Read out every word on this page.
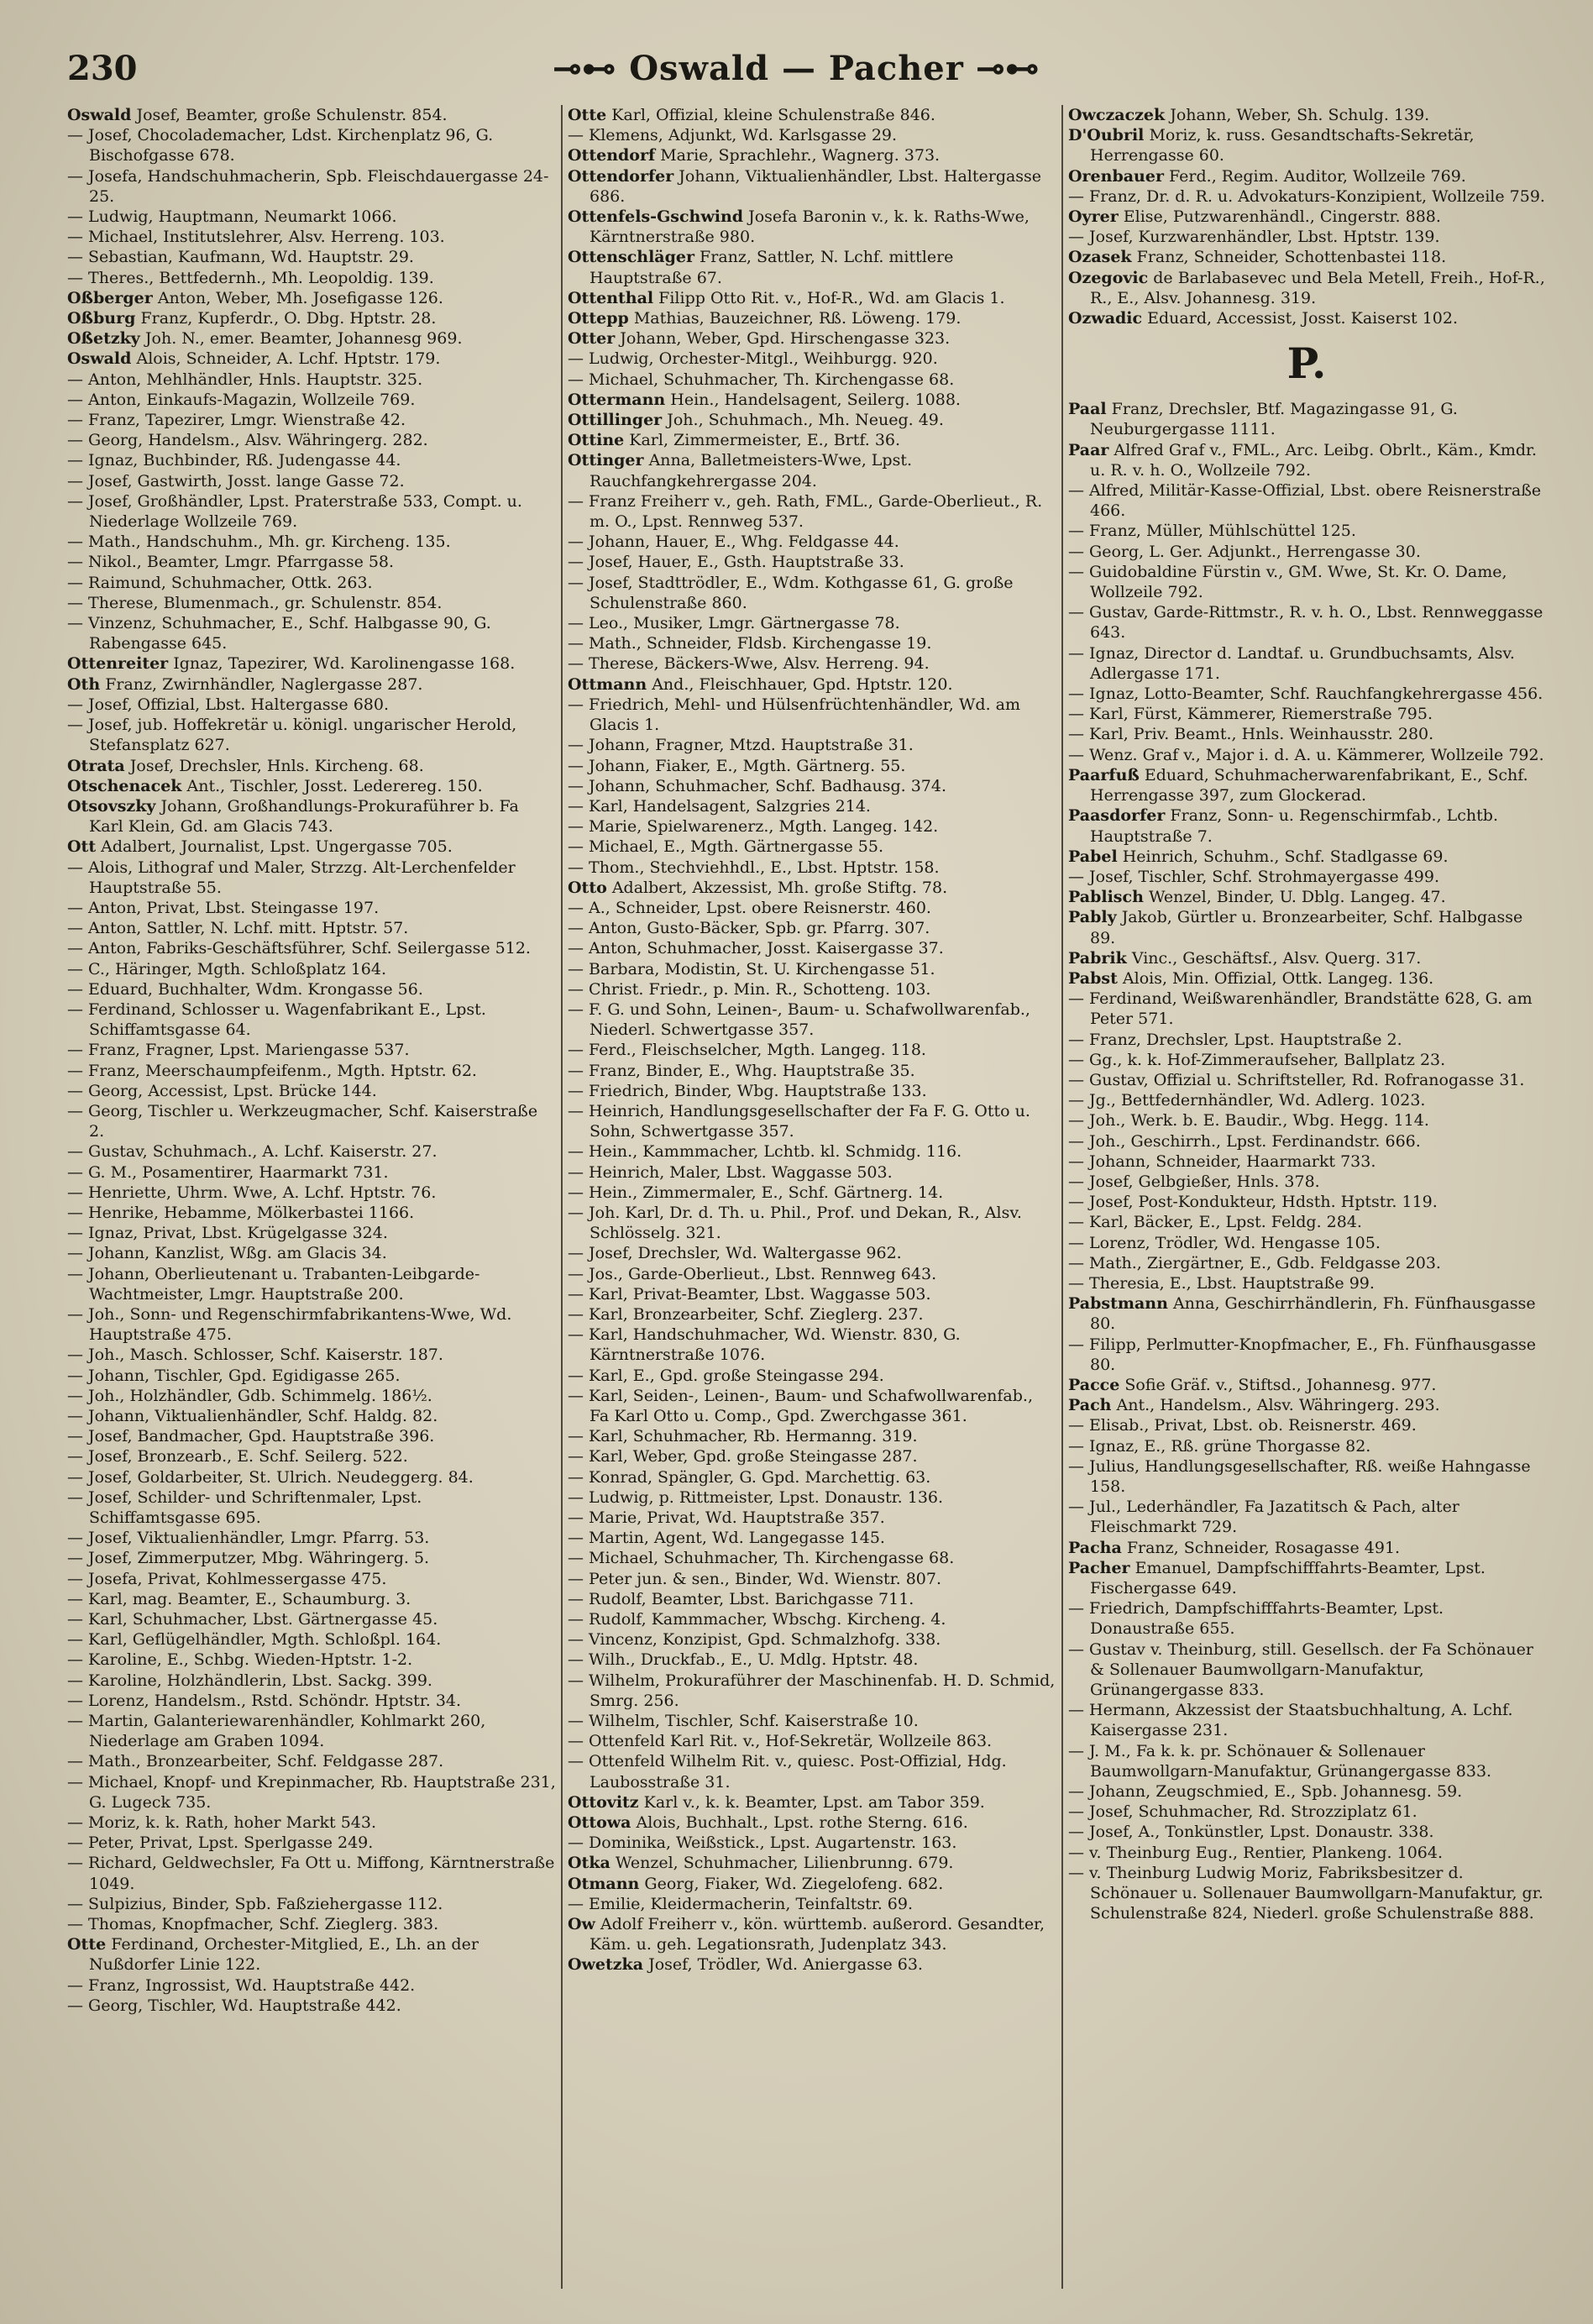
230	⊸⊷ Oswald — Pacher ⊸⊷

Oswald Josef, Beamter, große Schulenstr. 854.

— Josef, Chocolademacher, Ldst. Kirchenplatz 96, G. Bischofgasse 678.

— Josefa, Handschuhmacherin, Spb. Fleischdauergasse 24-25.

— Ludwig, Hauptmann, Neumarkt 1066.

— Michael, Institutslehrer, Alsv. Herreng. 103.

— Sebastian, Kaufmann, Wd. Hauptstr. 29.

— Theres., Bettfedernh., Mh. Leopoldig. 139.

Oßberger Anton, Weber, Mh. Josefigasse 126.

Oßburg Franz, Kupferdr., O. Dbg. Hptstr. 28.

Oßetzky Joh. N., emer. Beamter, Johannesg 969.

Oswald Alois, Schneider, A. Lchf. Hptstr. 179.

— Anton, Mehlhändler, Hnls. Hauptstr. 325.

— Anton, Einkaufs-Magazin, Wollzeile 769.

— Franz, Tapezirer, Lmgr. Wienstraße 42.

— Georg, Handelsm., Alsv. Währingerg. 282.

— Ignaz, Buchbinder, Rß. Judengasse 44.

— Josef, Gastwirth, Josst. lange Gasse 72.

— Josef, Großhändler, Lpst. Praterstraße 533, Compt. u. Niederlage Wollzeile 769.

— Math., Handschuhm., Mh. gr. Kircheng. 135.

— Nikol., Beamter, Lmgr. Pfarrgasse 58.

— Raimund, Schuhmacher, Ottk. 263.

— Therese, Blumenmach., gr. Schulenstr. 854.

— Vinzenz, Schuhmacher, E., Schf. Halbgasse 90, G. Rabengasse 645.

Ottenreiter Ignaz, Tapezirer, Wd. Karolinengasse 168.

Oth Franz, Zwirnhändler, Naglergasse 287.

— Josef, Offizial, Lbst. Haltergasse 680.

— Josef, jub. Hoffekretär u. königl. ungarischer Herold, Stefansplatz 627.

Otrata Josef, Drechsler, Hnls. Kircheng. 68.

Otschenacek Ant., Tischler, Josst. Lederereg. 150.

Otsovszky Johann, Großhandlungs-Prokuraführer b. Fa Karl Klein, Gd. am Glacis 743.

Ott Adalbert, Journalist, Lpst. Ungergasse 705.

— Alois, Lithograf und Maler, Strzzg. Alt-Lerchenfelder Hauptstraße 55.

— Anton, Privat, Lbst. Steingasse 197.

— Anton, Sattler, N. Lchf. mitt. Hptstr. 57.

— Anton, Fabriks-Geschäftsführer, Schf. Seilergasse 512.

— C., Häringer, Mgth. Schloßplatz 164.

— Eduard, Buchhalter, Wdm. Krongasse 56.

— Ferdinand, Schlosser u. Wagenfabrikant E., Lpst. Schiffamtsgasse 64.

— Franz, Fragner, Lpst. Mariengasse 537.

— Franz, Meerschaumpfeifenm., Mgth. Hptstr. 62.

— Georg, Accessist, Lpst. Brücke 144.

— Georg, Tischler u. Werkzeugmacher, Schf. Kaiserstraße 2.

— Gustav, Schuhmach., A. Lchf. Kaiserstr. 27.

— G. M., Posamentirer, Haarmarkt 731.

— Henriette, Uhrm. Wwe, A. Lchf. Hptstr. 76.

— Henrike, Hebamme, Mölkerbastei 1166.

— Ignaz, Privat, Lbst. Krügelgasse 324.

— Johann, Kanzlist, Wßg. am Glacis 34.

— Johann, Oberlieutenant u. Trabanten-Leibgarde-Wachtmeister, Lmgr. Hauptstraße 200.

— Joh., Sonn- und Regenschirmfabrikantens-Wwe, Wd. Hauptstraße 475.

— Joh., Masch. Schlosser, Schf. Kaiserstr. 187.

— Johann, Tischler, Gpd. Egidigasse 265.

— Joh., Holzhändler, Gdb. Schimmelg. 186½.

— Johann, Viktualienhändler, Schf. Haldg. 82.

— Josef, Bandmacher, Gpd. Hauptstraße 396.

— Josef, Bronzearb., E. Schf. Seilerg. 522.

— Josef, Goldarbeiter, St. Ulrich. Neudeggerg. 84.

— Josef, Schilder- und Schriftenmaler, Lpst. Schiffamtsgasse 695.

— Josef, Viktualienhändler, Lmgr. Pfarrg. 53.

— Josef, Zimmerputzer, Mbg. Währingerg. 5.

— Josefa, Privat, Kohlmessergasse 475.

— Karl, mag. Beamter, E., Schaumburg. 3.

— Karl, Schuhmacher, Lbst. Gärtnergasse 45.

— Karl, Geflügelhändler, Mgth. Schloßpl. 164.

— Karoline, E., Schbg. Wieden-Hptstr. 1-2.

— Karoline, Holzhändlerin, Lbst. Sackg. 399.

— Lorenz, Handelsm., Rstd. Schöndr. Hptstr. 34.

— Martin, Galanteriewarenhändler, Kohlmarkt 260, Niederlage am Graben 1094.

— Math., Bronzearbeiter, Schf. Feldgasse 287.

— Michael, Knopf- und Krepinmacher, Rb. Hauptstraße 231, G. Lugeck 735.

— Moriz, k. k. Rath, hoher Markt 543.

— Peter, Privat, Lpst. Sperlgasse 249.

— Richard, Geldwechsler, Fa Ott u. Miffong, Kärntnerstraße 1049.

— Sulpizius, Binder, Spb. Faßziehergasse 112.

— Thomas, Knopfmacher, Schf. Zieglerg. 383.

Otte Ferdinand, Orchester-Mitglied, E., Lh. an der Nußdorfer Linie 122.

— Franz, Ingrossist, Wd. Hauptstraße 442.

— Georg, Tischler, Wd. Hauptstraße 442.

Otte Karl, Offizial, kleine Schulenstraße 846.

— Klemens, Adjunkt, Wd. Karlsgasse 29.

Ottendorf Marie, Sprachlehr., Wagnerg. 373.

Ottendorfer Johann, Viktualienhändler, Lbst. Haltergasse 686.

Ottenfels-Gschwind Josefa Baronin v., k. k. Raths-Wwe, Kärntnerstraße 980.

Ottenschläger Franz, Sattler, N. Lchf. mittlere Hauptstraße 67.

Ottenthal Filipp Otto Rit. v., Hof-R., Wd. am Glacis 1.

Ottepp Mathias, Bauzeichner, Rß. Löweng. 179.

Otter Johann, Weber, Gpd. Hirschengasse 323.

— Ludwig, Orchester-Mitgl., Weihburgg. 920.

— Michael, Schuhmacher, Th. Kirchengasse 68.

Ottermann Hein., Handelsagent, Seilerg. 1088.

Ottillinger Joh., Schuhmach., Mh. Neueg. 49.

Ottine Karl, Zimmermeister, E., Brtf. 36.

Ottinger Anna, Balletmeisters-Wwe, Lpst. Rauchfangkehrergasse 204.

— Franz Freiherr v., geh. Rath, FML., Garde-Oberlieut., R. m. O., Lpst. Rennweg 537.

— Johann, Hauer, E., Whg. Feldgasse 44.

— Josef, Hauer, E., Gsth. Hauptstraße 33.

— Josef, Stadttrödler, E., Wdm. Kothgasse 61, G. große Schulenstraße 860.

— Leo., Musiker, Lmgr. Gärtnergasse 78.

— Math., Schneider, Fldsb. Kirchengasse 19.

— Therese, Bäckers-Wwe, Alsv. Herreng. 94.

Ottmann And., Fleischhauer, Gpd. Hptstr. 120.

— Friedrich, Mehl- und Hülsenfrüchtenhändler, Wd. am Glacis 1.

— Johann, Fragner, Mtzd. Hauptstraße 31.

— Johann, Fiaker, E., Mgth. Gärtnerg. 55.

— Johann, Schuhmacher, Schf. Badhausg. 374.

— Karl, Handelsagent, Salzgries 214.

— Marie, Spielwarenerz., Mgth. Langeg. 142.

— Michael, E., Mgth. Gärtnergasse 55.

— Thom., Stechviehhdl., E., Lbst. Hptstr. 158.

Otto Adalbert, Akzessist, Mh. große Stiftg. 78.

— A., Schneider, Lpst. obere Reisnerstr. 460.

— Anton, Gusto-Bäcker, Spb. gr. Pfarrg. 307.

— Anton, Schuhmacher, Josst. Kaisergasse 37.

— Barbara, Modistin, St. U. Kirchengasse 51.

— Christ. Friedr., p. Min. R., Schotteng. 103.

— F. G. und Sohn, Leinen-, Baum- u. Schafwollwarenfab., Niederl. Schwertgasse 357.

— Ferd., Fleischselcher, Mgth. Langeg. 118.

— Franz, Binder, E., Whg. Hauptstraße 35.

— Friedrich, Binder, Wbg. Hauptstraße 133.

— Heinrich, Handlungsgesellschafter der Fa F. G. Otto u. Sohn, Schwertgasse 357.

— Hein., Kammmacher, Lchtb. kl. Schmidg. 116.

— Heinrich, Maler, Lbst. Waggasse 503.

— Hein., Zimmermaler, E., Schf. Gärtnerg. 14.

— Joh. Karl, Dr. d. Th. u. Phil., Prof. und Dekan, R., Alsv. Schlösselg. 321.

— Josef, Drechsler, Wd. Waltergasse 962.

— Jos., Garde-Oberlieut., Lbst. Rennweg 643.

— Karl, Privat-Beamter, Lbst. Waggasse 503.

— Karl, Bronzearbeiter, Schf. Zieglerg. 237.

— Karl, Handschuhmacher, Wd. Wienstr. 830, G. Kärntnerstraße 1076.

— Karl, E., Gpd. große Steingasse 294.

— Karl, Seiden-, Leinen-, Baum- und Schafwollwarenfab., Fa Karl Otto u. Comp., Gpd. Zwerchgasse 361.

— Karl, Schuhmacher, Rb. Hermanng. 319.

— Karl, Weber, Gpd. große Steingasse 287.

— Konrad, Spängler, G. Gpd. Marchettig. 63.

— Ludwig, p. Rittmeister, Lpst. Donaustr. 136.

— Marie, Privat, Wd. Hauptstraße 357.

— Martin, Agent, Wd. Langegasse 145.

— Michael, Schuhmacher, Th. Kirchengasse 68.

— Peter jun. & sen., Binder, Wd. Wienstr. 807.

— Rudolf, Beamter, Lbst. Barichgasse 711.

— Rudolf, Kammmacher, Wbschg. Kircheng. 4.

— Vincenz, Konzipist, Gpd. Schmalzhofg. 338.

— Wilh., Druckfab., E., U. Mdlg. Hptstr. 48.

— Wilhelm, Prokuraführer der Maschinenfab. H. D. Schmid, Smrg. 256.

— Wilhelm, Tischler, Schf. Kaiserstraße 10.

— Ottenfeld Karl Rit. v., Hof-Sekretär, Wollzeile 863.

— Ottenfeld Wilhelm Rit. v., quiesc. Post-Offizial, Hdg. Laubosstraße 31.

Ottovitz Karl v., k. k. Beamter, Lpst. am Tabor 359.

Ottowa Alois, Buchhalt., Lpst. rothe Sterng. 616.

— Dominika, Weißstick., Lpst. Augartenstr. 163.

Otka Wenzel, Schuhmacher, Lilienbrunng. 679.

Otmann Georg, Fiaker, Wd. Ziegelofeng. 682.

— Emilie, Kleidermacherin, Teinfaltstr. 69.

Ow Adolf Freiherr v., kön. württemb. außerord. Gesandter, Käm. u. geh. Legationsrath, Judenplatz 343.

Owetzka Josef, Trödler, Wd. Aniergasse 63.

Owczaczek Johann, Weber, Sh. Schulg. 139.

D'Oubril Moriz, k. russ. Gesandtschafts-Sekretär, Herrengasse 60.

Orenbauer Ferd., Regim. Auditor, Wollzeile 769.

— Franz, Dr. d. R. u. Advokaturs-Konzipient, Wollzeile 759.

Oyrer Elise, Putzwarenhändl., Cingerstr. 888.

— Josef, Kurzwarenhändler, Lbst. Hptstr. 139.

Ozasek Franz, Schneider, Schottenbastei 118.

Ozegovic de Barlabasevec und Bela Metell, Freih., Hof-R., R., E., Alsv. Johannesg. 319.

Ozwadic Eduard, Accessist, Josst. Kaiserst 102.

P.

Paal Franz, Drechsler, Btf. Magazingasse 91, G. Neuburgergasse 1111.

Paar Alfred Graf v., FML., Arc. Leibg. Obrlt., Käm., Kmdr. u. R. v. h. O., Wollzeile 792.

— Alfred, Militär-Kasse-Offizial, Lbst. obere Reisnerstraße 466.

— Franz, Müller, Mühlschüttel 125.

— Georg, L. Ger. Adjunkt., Herrengasse 30.

— Guidobaldine Fürstin v., GM. Wwe, St. Kr. O. Dame, Wollzeile 792.

— Gustav, Garde-Rittmstr., R. v. h. O., Lbst. Rennweggasse 643.

— Ignaz, Director d. Landtaf. u. Grundbuchsamts, Alsv. Adlergasse 171.

— Ignaz, Lotto-Beamter, Schf. Rauchfangkehrergasse 456.

— Karl, Fürst, Kämmerer, Riemerstraße 795.

— Karl, Priv. Beamt., Hnls. Weinhausstr. 280.

— Wenz. Graf v., Major i. d. A. u. Kämmerer, Wollzeile 792.

Paarfuß Eduard, Schuhmacherwarenfabrikant, E., Schf. Herrengasse 397, zum Glockerad.

Paasdorfer Franz, Sonn- u. Regenschirmfab., Lchtb. Hauptstraße 7.

Pabel Heinrich, Schuhm., Schf. Stadlgasse 69.

— Josef, Tischler, Schf. Strohmayergasse 499.

Pablisch Wenzel, Binder, U. Dblg. Langeg. 47.

Pably Jakob, Gürtler u. Bronzearbeiter, Schf. Halbgasse 89.

Pabrik Vinc., Geschäftsf., Alsv. Querg. 317.

Pabst Alois, Min. Offizial, Ottk. Langeg. 136.

— Ferdinand, Weißwarenhändler, Brandstätte 628, G. am Peter 571.

— Franz, Drechsler, Lpst. Hauptstraße 2.

— Gg., k. k. Hof-Zimmeraufseher, Ballplatz 23.

— Gustav, Offizial u. Schriftsteller, Rd. Rofranogasse 31.

— Jg., Bettfedernhändler, Wd. Adlerg. 1023.

— Joh., Werk. b. E. Baudir., Wbg. Hegg. 114.

— Joh., Geschirrh., Lpst. Ferdinandstr. 666.

— Johann, Schneider, Haarmarkt 733.

— Josef, Gelbgießer, Hnls. 378.

— Josef, Post-Kondukteur, Hdsth. Hptstr. 119.

— Karl, Bäcker, E., Lpst. Feldg. 284.

— Lorenz, Trödler, Wd. Hengasse 105.

— Math., Ziergärtner, E., Gdb. Feldgasse 203.

— Theresia, E., Lbst. Hauptstraße 99.

Pabstmann Anna, Geschirrhändlerin, Fh. Fünfhausgasse 80.

— Filipp, Perlmutter-Knopfmacher, E., Fh. Fünfhausgasse 80.

Pacce Sofie Gräf. v., Stiftsd., Johannesg. 977.

Pach Ant., Handelsm., Alsv. Währingerg. 293.

— Elisab., Privat, Lbst. ob. Reisnerstr. 469.

— Ignaz, E., Rß. grüne Thorgasse 82.

— Julius, Handlungsgesellschafter, Rß. weiße Hahngasse 158.

— Jul., Lederhändler, Fa Jazatitsch & Pach, alter Fleischmarkt 729.

Pacha Franz, Schneider, Rosagasse 491.

Pacher Emanuel, Dampfschifffahrts-Beamter, Lpst. Fischergasse 649.

— Friedrich, Dampfschifffahrts-Beamter, Lpst. Donaustraße 655.

— Gustav v. Theinburg, still. Gesellsch. der Fa Schönauer & Sollenauer Baumwollgarn-Manufaktur, Grünangergasse 833.

— Hermann, Akzessist der Staatsbuchhaltung, A. Lchf. Kaisergasse 231.

— J. M., Fa k. k. pr. Schönauer & Sollenauer Baumwollgarn-Manufaktur, Grünangergasse 833.

— Johann, Zeugschmied, E., Spb. Johannesg. 59.

— Josef, Schuhmacher, Rd. Strozziplatz 61.

— Josef, A., Tonkünstler, Lpst. Donaustr. 338.

— v. Theinburg Eug., Rentier, Plankeng. 1064.

— v. Theinburg Ludwig Moriz, Fabriksbesitzer d. Schönauer u. Sollenauer Baumwollgarn-Manufaktur, gr. Schulenstraße 824, Niederl. große Schulenstraße 888.
